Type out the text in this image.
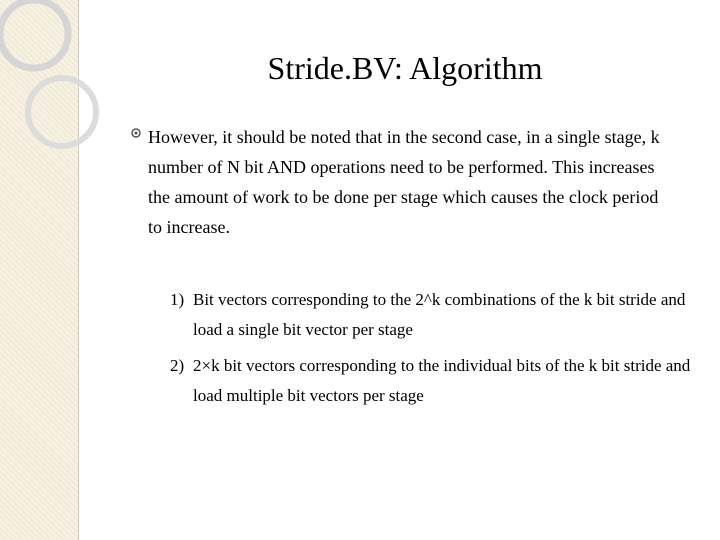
Stride.BV: Algorithm

However, it should be noted that in the second case, in a single stage, k number of N bit AND operations need to be performed. This increases the amount of work to be done per stage which causes the clock period to increase.

1) Bit vectors corresponding to the 2^k combinations of the k bit stride and load a single bit vector per stage
2) 2×k bit vectors corresponding to the individual bits of the k bit stride and load multiple bit vectors per stage
